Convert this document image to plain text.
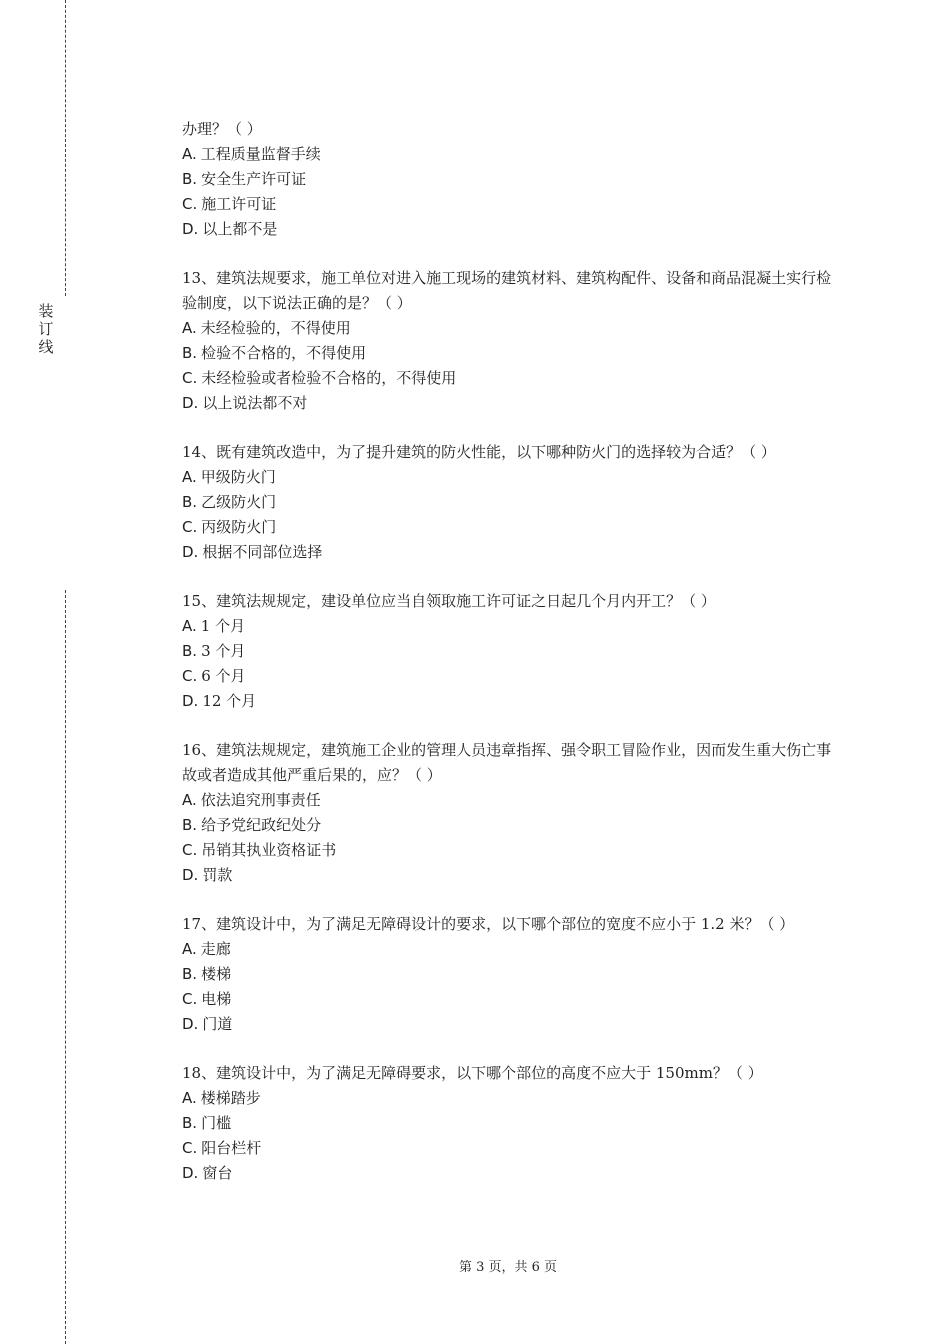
装
订
线
办理？（ ）
A. 工程质量监督手续
B. 安全生产许可证
C. 施工许可证
D. 以上都不是
13、建筑法规要求，施工单位对进入施工现场的建筑材料、建筑构配件、设备和商品混凝土实行检验制度，以下说法正确的是？（ ）
A. 未经检验的，不得使用
B. 检验不合格的，不得使用
C. 未经检验或者检验不合格的，不得使用
D. 以上说法都不对
14、既有建筑改造中，为了提升建筑的防火性能，以下哪种防火门的选择较为合适？（ ）
A. 甲级防火门
B. 乙级防火门
C. 丙级防火门
D. 根据不同部位选择
15、建筑法规规定，建设单位应当自领取施工许可证之日起几个月内开工？（ ）
A. 1 个月
B. 3 个月
C. 6 个月
D. 12 个月
16、建筑法规规定，建筑施工企业的管理人员违章指挥、强令职工冒险作业，因而发生重大伤亡事故或者造成其他严重后果的，应？（ ）
A. 依法追究刑事责任
B. 给予党纪政纪处分
C. 吊销其执业资格证书
D. 罚款
17、建筑设计中，为了满足无障碍设计的要求，以下哪个部位的宽度不应小于 1.2 米？（ ）
A. 走廊
B. 楼梯
C. 电梯
D. 门道
18、建筑设计中，为了满足无障碍要求，以下哪个部位的高度不应大于 150mm？（ ）
A. 楼梯踏步
B. 门槛
C. 阳台栏杆
D. 窗台
第 3 页，共 6 页
